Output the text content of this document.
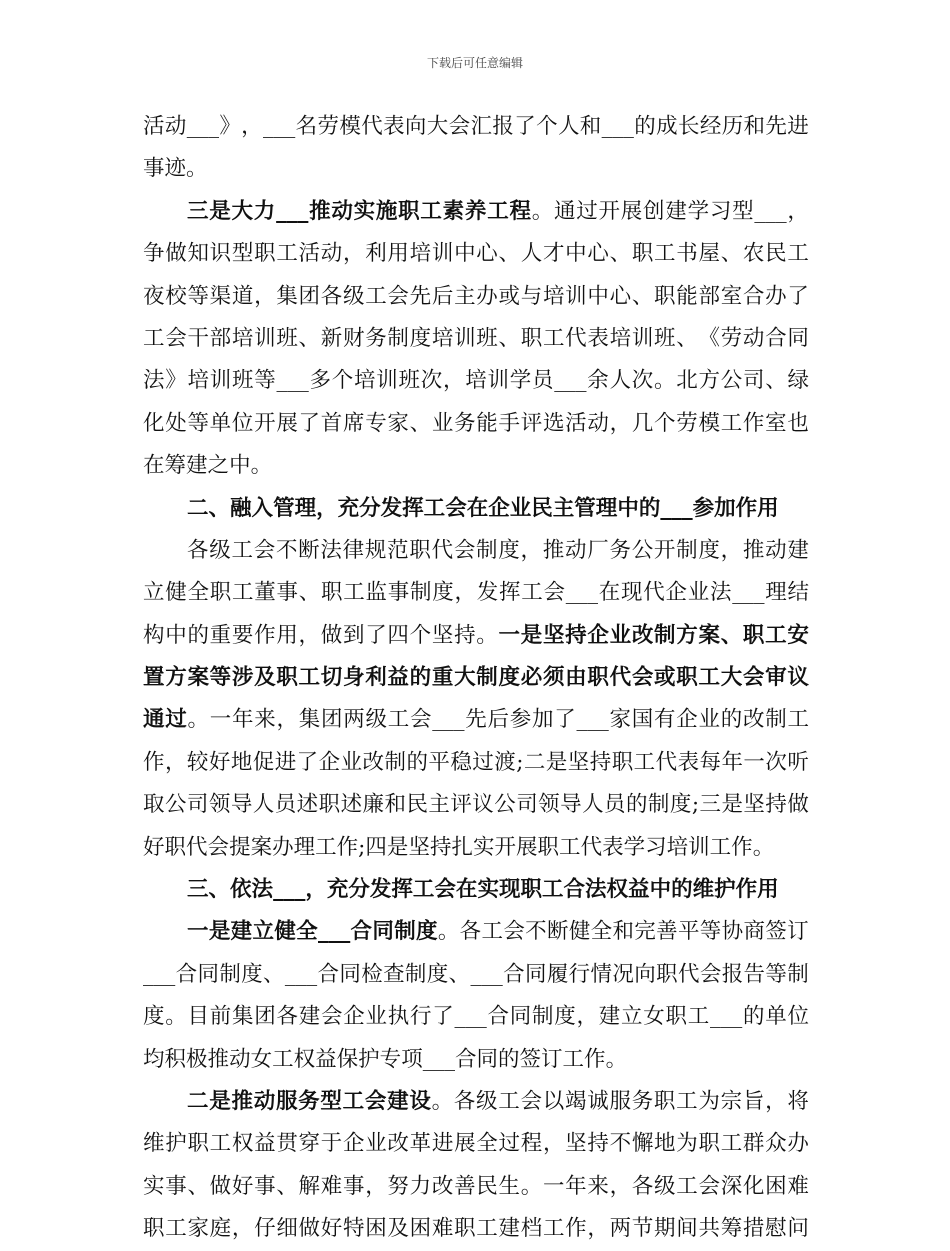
下载后可任意编辑
活 动 ___ 》 ， ___ 名 劳 模 代 表 向 大 会 汇 报 了 个 人 和 ___ 的 成 长 经 历 和 先 进
事 迹 。
三 是 大 力 ___ 推 动 实 施 职 工 素 养 工 程 。 通 过 开 展 创 建 学 习 型 ___ ，
争 做 知 识 型 职 工 活 动 ， 利 用 培 训 中 心 、 人 才 中 心 、 职 工 书 屋 、 农 民 工
夜 校 等 渠 道 ， 集 团 各 级 工 会 先 后 主 办 或 与 培 训 中 心 、 职 能 部 室 合 办 了
工 会 干 部 培 训 班 、 新 财 务 制 度 培 训 班 、 职 工 代 表 培 训 班 、 《 劳 动 合 同
法 》 培 训 班 等 ___ 多 个 培 训 班 次 ， 培 训 学 员 ___ 余 人 次 。 北 方 公 司 、 绿
化 处 等 单 位 开 展 了 首 席 专 家 、 业 务 能 手 评 选 活 动 ， 几 个 劳 模 工 作 室 也
在 筹 建 之 中 。
二 、 融 入 管 理 ， 充 分 发 挥 工 会 在 企 业 民 主 管 理 中 的 ___ 参 加 作 用
各 级 工 会 不 断 法 律 规 范 职 代 会 制 度 ， 推 动 厂 务 公 开 制 度 ， 推 动 建
立 健 全 职 工 董 事 、 职 工 监 事 制 度 ， 发 挥 工 会 ___ 在 现 代 企 业 法 ___ 理 结
构 中 的 重 要 作 用 ， 做 到 了 四 个 坚 持 。 一 是 坚 持 企 业 改 制 方 案 、 职 工 安
置 方 案 等 涉 及 职 工 切 身 利 益 的 重 大 制 度 必 须 由 职 代 会 或 职 工 大 会 审 议
通 过 。 一 年 来 ， 集 团 两 级 工 会 ___ 先 后 参 加 了 ___ 家 国 有 企 业 的 改 制 工
作 ， 较 好 地 促 进 了 企 业 改 制 的 平 稳 过 渡 ; 二 是 坚 持 职 工 代 表 每 年 一 次 听
取 公 司 领 导 人 员 述 职 述 廉 和 民 主 评 议 公 司 领 导 人 员 的 制 度 ; 三 是 坚 持 做
好 职 代 会 提 案 办 理 工 作 ; 四 是 坚 持 扎 实 开 展 职 工 代 表 学 习 培 训 工 作 。
三 、 依 法 ___ ， 充 分 发 挥 工 会 在 实 现 职 工 合 法 权 益 中 的 维 护 作 用
一 是 建 立 健 全 ___ 合 同 制 度 。 各 工 会 不 断 健 全 和 完 善 平 等 协 商 签 订
___ 合 同 制 度 、 ___ 合 同 检 查 制 度 、 ___ 合 同 履 行 情 况 向 职 代 会 报 告 等 制
度 。 目 前 集 团 各 建 会 企 业 执 行 了 ___ 合 同 制 度 ， 建 立 女 职 工 ___ 的 单 位
均 积 极 推 动 女 工 权 益 保 护 专 项 ___ 合 同 的 签 订 工 作 。
二 是 推 动 服 务 型 工 会 建 设 。 各 级 工 会 以 竭 诚 服 务 职 工 为 宗 旨 ， 将
维 护 职 工 权 益 贯 穿 于 企 业 改 革 进 展 全 过 程 ， 坚 持 不 懈 地 为 职 工 群 众 办
实 事 、 做 好 事 、 解 难 事 ， 努 力 改 善 民 生 。 一 年 来 ， 各 级 工 会 深 化 困 难
职 工 家 庭 ， 仔 细 做 好 特 困 及 困 难 职 工 建 档 工 作 ， 两 节 期 间 共 筹 措 慰 问
